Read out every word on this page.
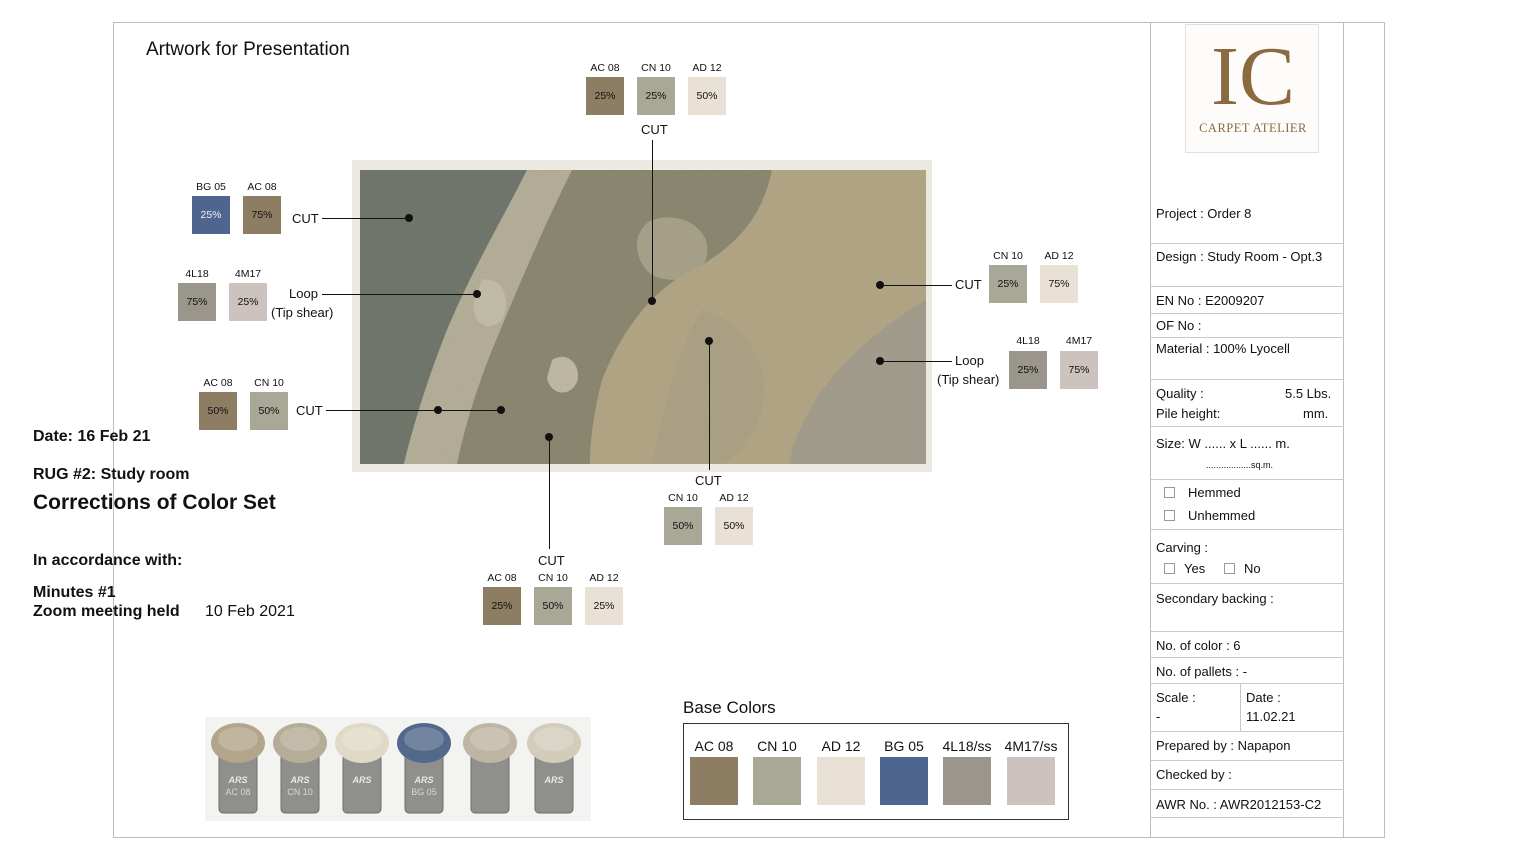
Artwork for Presentation
Date: 16 Feb 21
RUG #2: Study room
Corrections of Color Set
In accordance with:
Minutes #1
Zoom meeting held 10 Feb 2021
AC 08	CN 10	AD 12
25%	25%	50%
CUT
BG 05	AC 08
25%	75%	CUT
4L18	4M17
75%	25%
Loop
(Tip shear)
AC 08	CN 10
50%	50%	CUT
CN 10	AD 12
25%	75%
CUT
4L18	4M17
25%	75%
Loop
(Tip shear)
CUT
CN 10	AD 12
50%	50%
CUT
AC 08	CN 10	AD 12
25%	50%	25%
ARS
AC 08
ARS
CN 10
ARS	ARS
BG 05
ARS
Base Colors
AC 08	CN 10	AD 12	BG 05	4L18/ss 4M17/ss
IC
CARPET ATELIER
Project : Order 8
Design : Study Room - Opt.3
EN No : E2009207
OF No :
Material : 100% Lyocell
Quality :	5.5 Lbs.
Pile height:	mm.
Size: W ...... x L ...... m.
..................sq.m.
Hemmed
Unhemmed
Carving :
Yes	No
Secondary backing :
No. of color : 6
No. of pallets : -
Scale :
-
Date :
11.02.21
Prepared by : Napapon
Checked by :
AWR No. : AWR2012153-C2
